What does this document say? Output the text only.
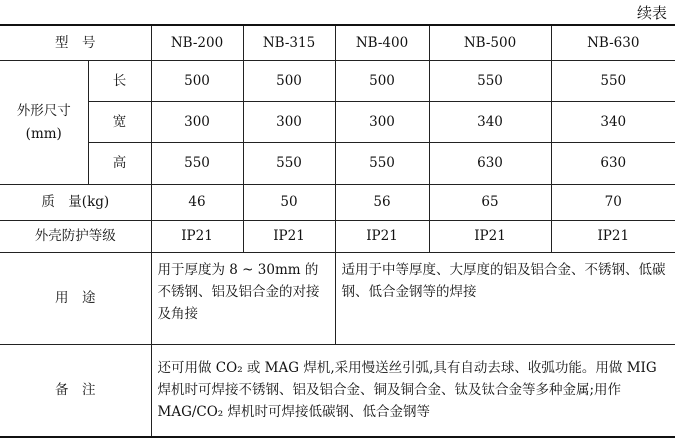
续表
型　号		NB-200	NB-315	NB-400	NB-500	NB-630

外形尺寸
(mm)	长	500	500	500	550	550
	宽	300	300	300	340	340
	高	550	550	550	630	630
质　量(kg)		46	50	56	65	70
外壳防护等级		IP21	IP21	IP21	IP21	IP21
用　途		用于厚度为 8 ~ 30mm 的不锈钢、铝及铝合金的对接及角接		适用于中等厚度、大厚度的铝及铝合金、不锈钢、低碳钢、低合金钢等的焊接		
备　注		还可用做 CO₂ 或 MAG 焊机,采用慢送丝引弧,具有自动去球、收弧功能。用做 MIG 焊机时可焊接不锈钢、铝及铝合金、铜及铜合金、钛及钛合金等多种金属;用作 MAG/CO₂ 焊机时可焊接低碳钢、低合金钢等				
